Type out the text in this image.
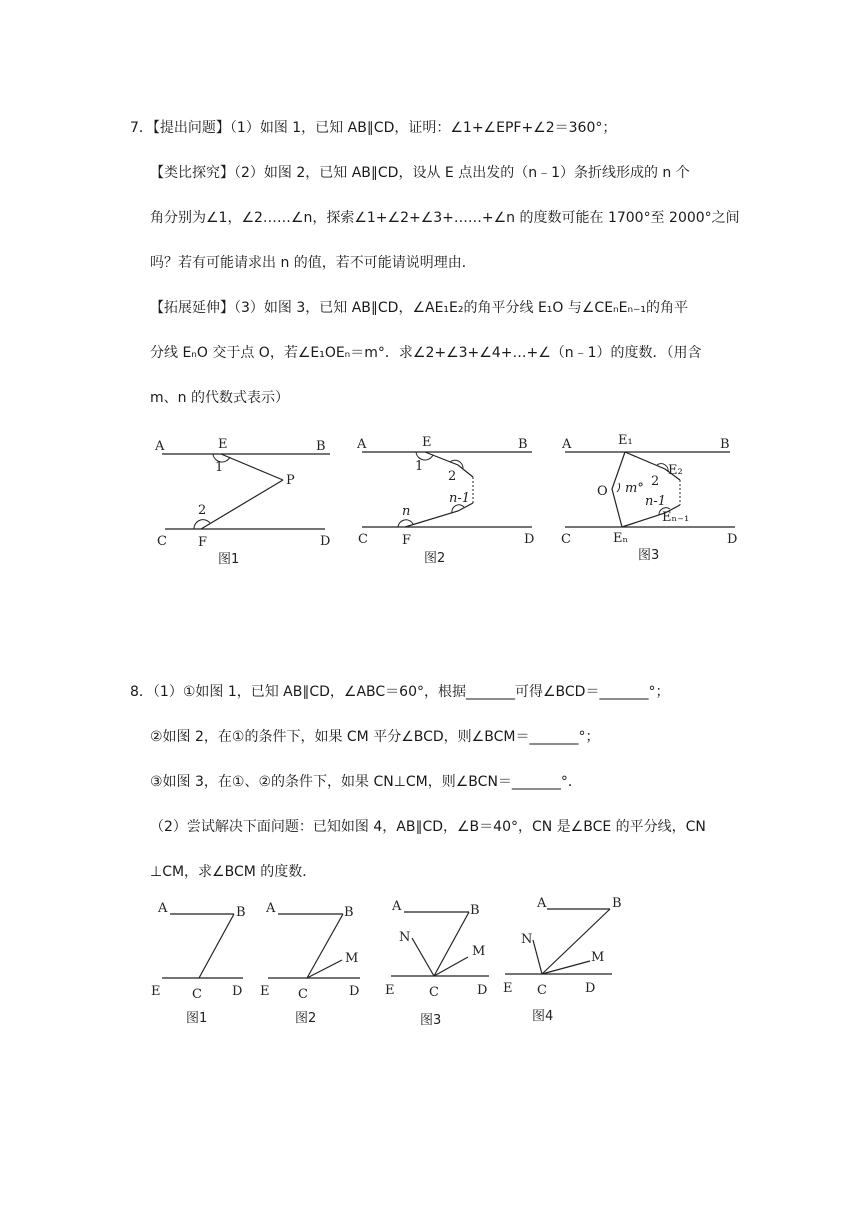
7．【提出问题】（1）如图 1，已知 AB∥CD，证明：∠1+∠EPF+∠2＝360°；
【类比探究】（2）如图 2，已知 AB∥CD，设从 E 点出发的（n﹣1）条折线形成的 n 个
角分别为∠1，∠2……∠n，探索∠1+∠2+∠3+……+∠n 的度数可能在 1700°至 2000°之间
吗？若有可能请求出 n 的值，若不可能请说明理由．
【拓展延伸】（3）如图 3，已知 AB∥CD，∠AE₁E₂的角平分线 E₁O 与∠CEₙEₙ₋₁的角平
分线 EₙO 交于点 O，若∠E₁OEₙ＝m°．求∠2+∠3+∠4+…+∠（n﹣1）的度数．（用含
m、n 的代数式表示）
A	B
E
P
1
2
C F	D
图1
A	B
E
1
2
n-1
n
C	F	D
图2
A	B
E₁
E₂
O m° 2
n-1
Eₙ₋₁
C	Eₙ	D
图3
8．（1）①如图 1，已知 AB∥CD，∠ABC＝60°，根据_______可得∠BCD＝_______°；
②如图 2，在①的条件下，如果 CM 平分∠BCD，则∠BCM＝_______°；
③如图 3，在①、②的条件下，如果 CN⊥CM，则∠BCN＝_______°．
（2）尝试解决下面问题：已知如图 4，AB∥CD，∠B＝40°，CN 是∠BCE 的平分线，CN
⊥CM，求∠BCM 的度数．
A	B
E C D
图1
A	B
M
E C	D
图2
A	B
N
M
E	C	D
图3
A	B
N
M
E C	D
图4
